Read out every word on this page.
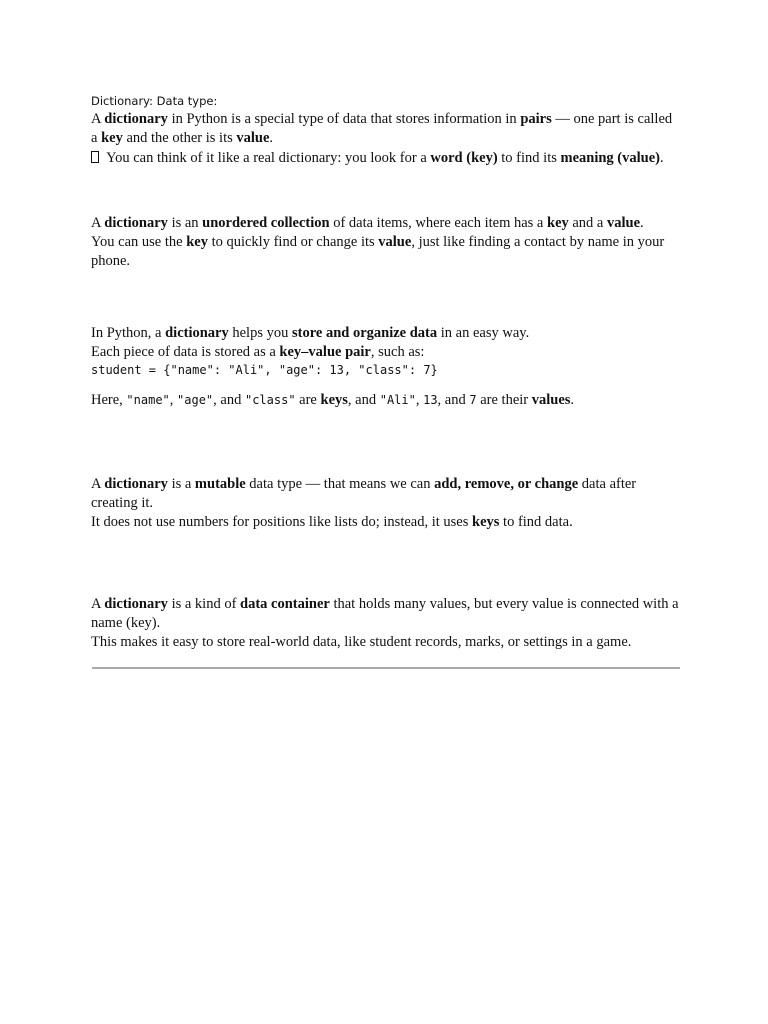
Dictionary: Data type:

A dictionary in Python is a special type of data that stores information in pairs — one part is called a key and the other is its value.
You can think of it like a real dictionary: you look for a word (key) to find its meaning (value).

A dictionary is an unordered collection of data items, where each item has a key and a value.
You can use the key to quickly find or change its value, just like finding a contact by name in your phone.

In Python, a dictionary helps you store and organize data in an easy way.
Each piece of data is stored as a key–value pair, such as:
student = {"name": "Ali", "age": 13, "class": 7}
Here, "name", "age", and "class" are keys, and "Ali", 13, and 7 are their values.

A dictionary is a mutable data type — that means we can add, remove, or change data after creating it.
It does not use numbers for positions like lists do; instead, it uses keys to find data.

A dictionary is a kind of data container that holds many values, but every value is connected with a name (key).
This makes it easy to store real-world data, like student records, marks, or settings in a game.
